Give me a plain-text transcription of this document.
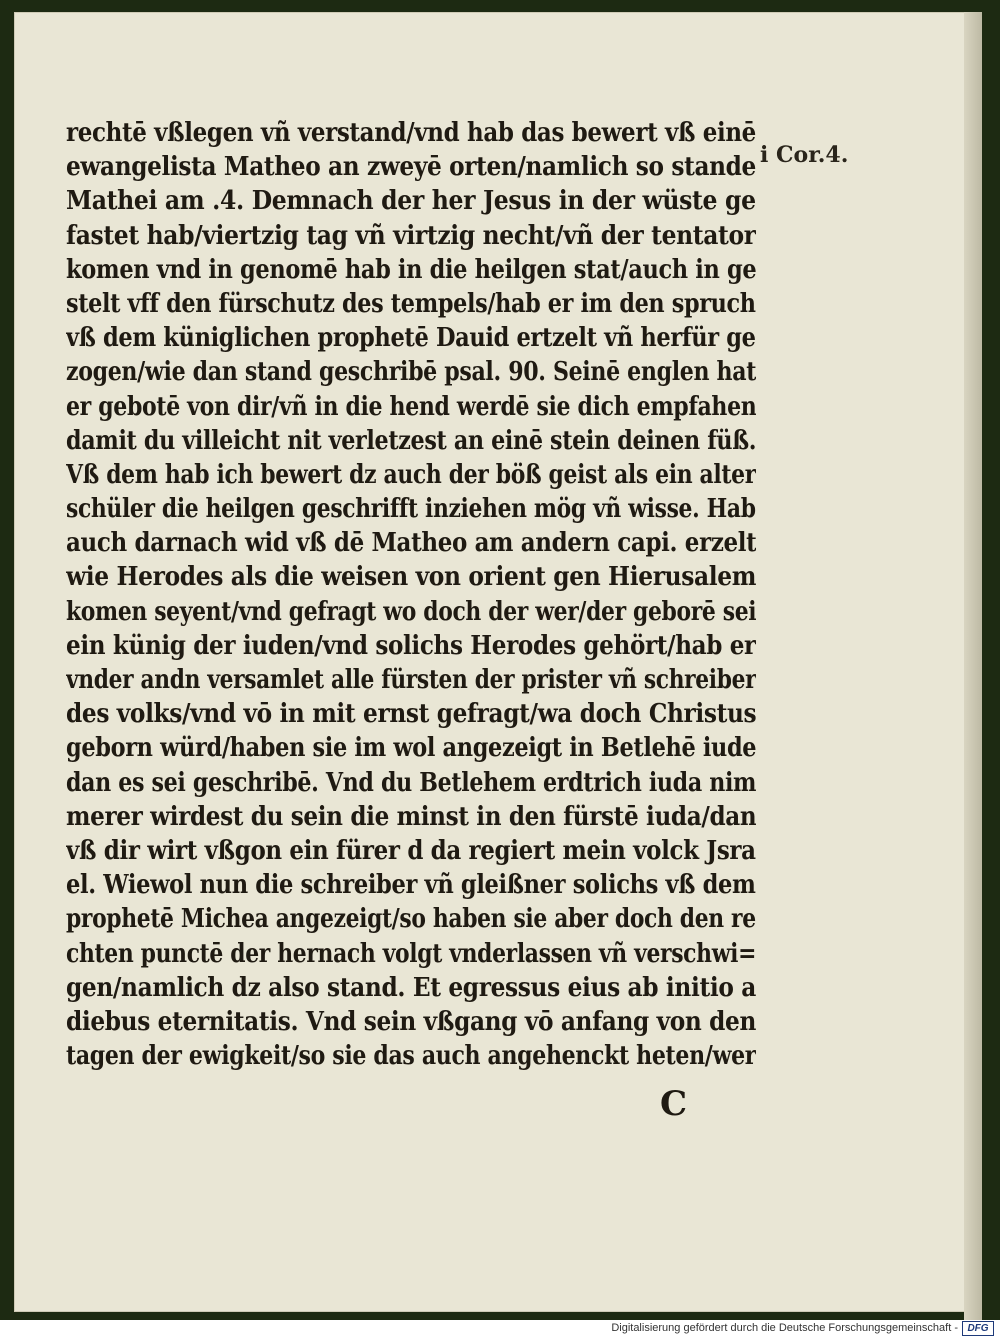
rechtē vßlegen vñ verstand/vnd hab das bewert vß einē
ewangelista Matheo an zweyē orten/namlich so stande
Mathei am .4. Demnach der her Jesus in der wüste ge
fastet hab/viertzig tag vñ virtzig necht/vñ der tentator
komen vnd in genomē hab in die heilgen stat/auch in ge
stelt vff den fürschutz des tempels/hab er im den spruch
vß dem küniglichen prophetē Dauid ertzelt vñ herfür ge
zogen/wie dan stand geschribē psal. 90. Seinē englen hat
er gebotē von dir/vñ in die hend werdē sie dich empfahen
damit du villeicht nit verletzest an einē stein deinen füß.
Vß dem hab ich bewert dz auch der böß geist als ein alter
schüler die heilgen geschrifft inziehen mög vñ wisse. Hab
auch darnach wid vß dē Matheo am andern capi. erzelt
wie Herodes als die weisen von orient gen Hierusalem
komen seyent/vnd gefragt wo doch der wer/der geborē sei
ein künig der iuden/vnd solichs Herodes gehört/hab er
vnder andn versamlet alle fürsten der prister vñ schreiber
des volks/vnd vō in mit ernst gefragt/wa doch Christus
geborn würd/haben sie im wol angezeigt in Betlehē iude
dan es sei geschribē. Vnd du Betlehem erdtrich iuda nim
merer wirdest du sein die minst in den fürstē iuda/dan
vß dir wirt vßgon ein fürer d da regiert mein volck Jsra
el. Wiewol nun die schreiber vñ gleißner solichs vß dem
prophetē Michea angezeigt/so haben sie aber doch den re
chten punctē der hernach volgt vnderlassen vñ verschwi=
gen/namlich dz also stand. Et egressus eius ab initio a
diebus eternitatis. Vnd sein vßgang vō anfang von den
tagen der ewigkeit/so sie das auch angehenckt heten/wer
i Cor.4.
C
Digitalisierung gefördert durch die Deutsche Forschungsgemeinschaft - DFG
